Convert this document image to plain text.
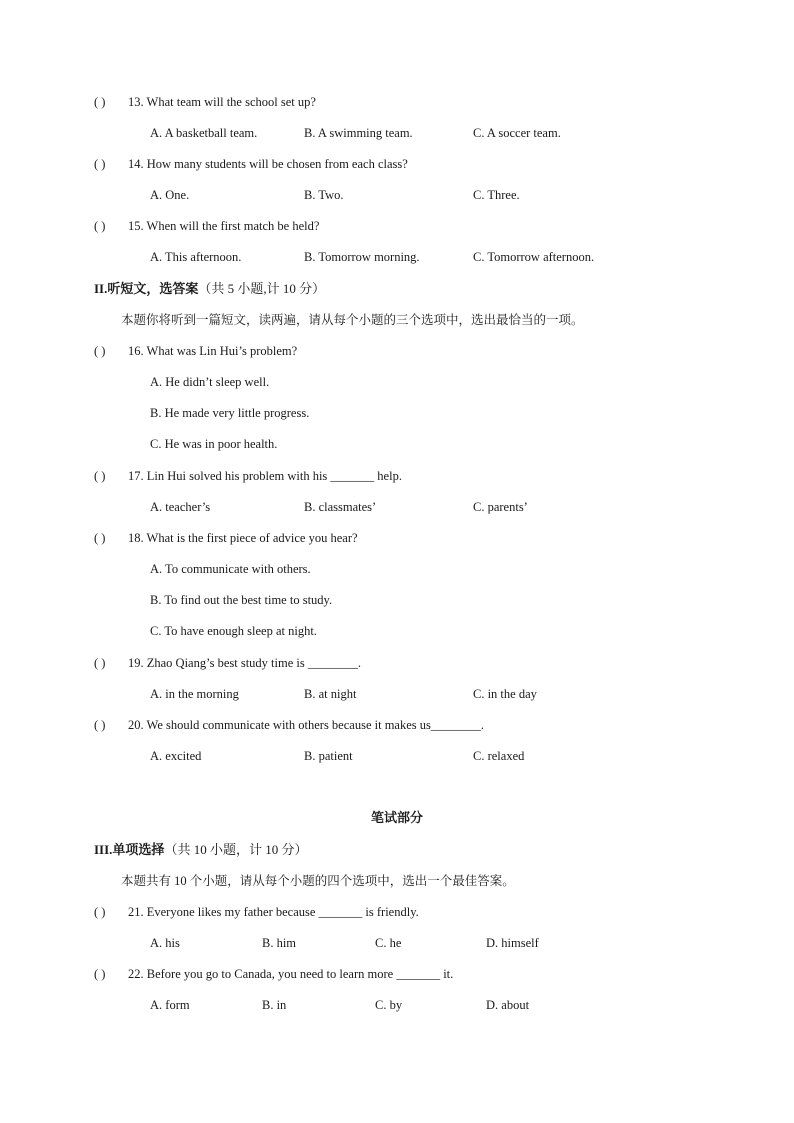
( ) 13. What team will the school set up?
A. A basketball team.	B. A swimming team.	C. A soccer team.
( ) 14. How many students will be chosen from each class?
A. One.	B. Two.	C. Three.
( ) 15. When will the first match be held?
A. This afternoon.	B. Tomorrow morning.	C. Tomorrow afternoon.
II.听短文，选答案（共 5 小题,计 10 分）
本题你将听到一篇短文，读两遍，请从每个小题的三个选项中，选出最恰当的一项。
( ) 16. What was Lin Hui’s problem?
A. He didn’t sleep well.
B. He made very little progress.
C. He was in poor health.
( ) 17. Lin Hui solved his problem with his _______ help.
A. teacher’s	B. classmates’	C. parents’
( ) 18. What is the first piece of advice you hear?
A. To communicate with others.
B. To find out the best time to study.
C. To have enough sleep at night.
( ) 19. Zhao Qiang’s best study time is ________.
A. in the morning	B. at night	C. in the day
( ) 20. We should communicate with others because it makes us________.
A. excited	B. patient	C. relaxed
笔试部分
III.单项选择（共 10 小题，计 10 分）
本题共有 10 个小题，请从每个小题的四个选项中，选出一个最佳答案。
( ) 21. Everyone likes my father because _______ is friendly.
A. his	B. him	C. he	D. himself
( ) 22. Before you go to Canada, you need to learn more _______ it.
A. form	B. in	C. by	D. about
